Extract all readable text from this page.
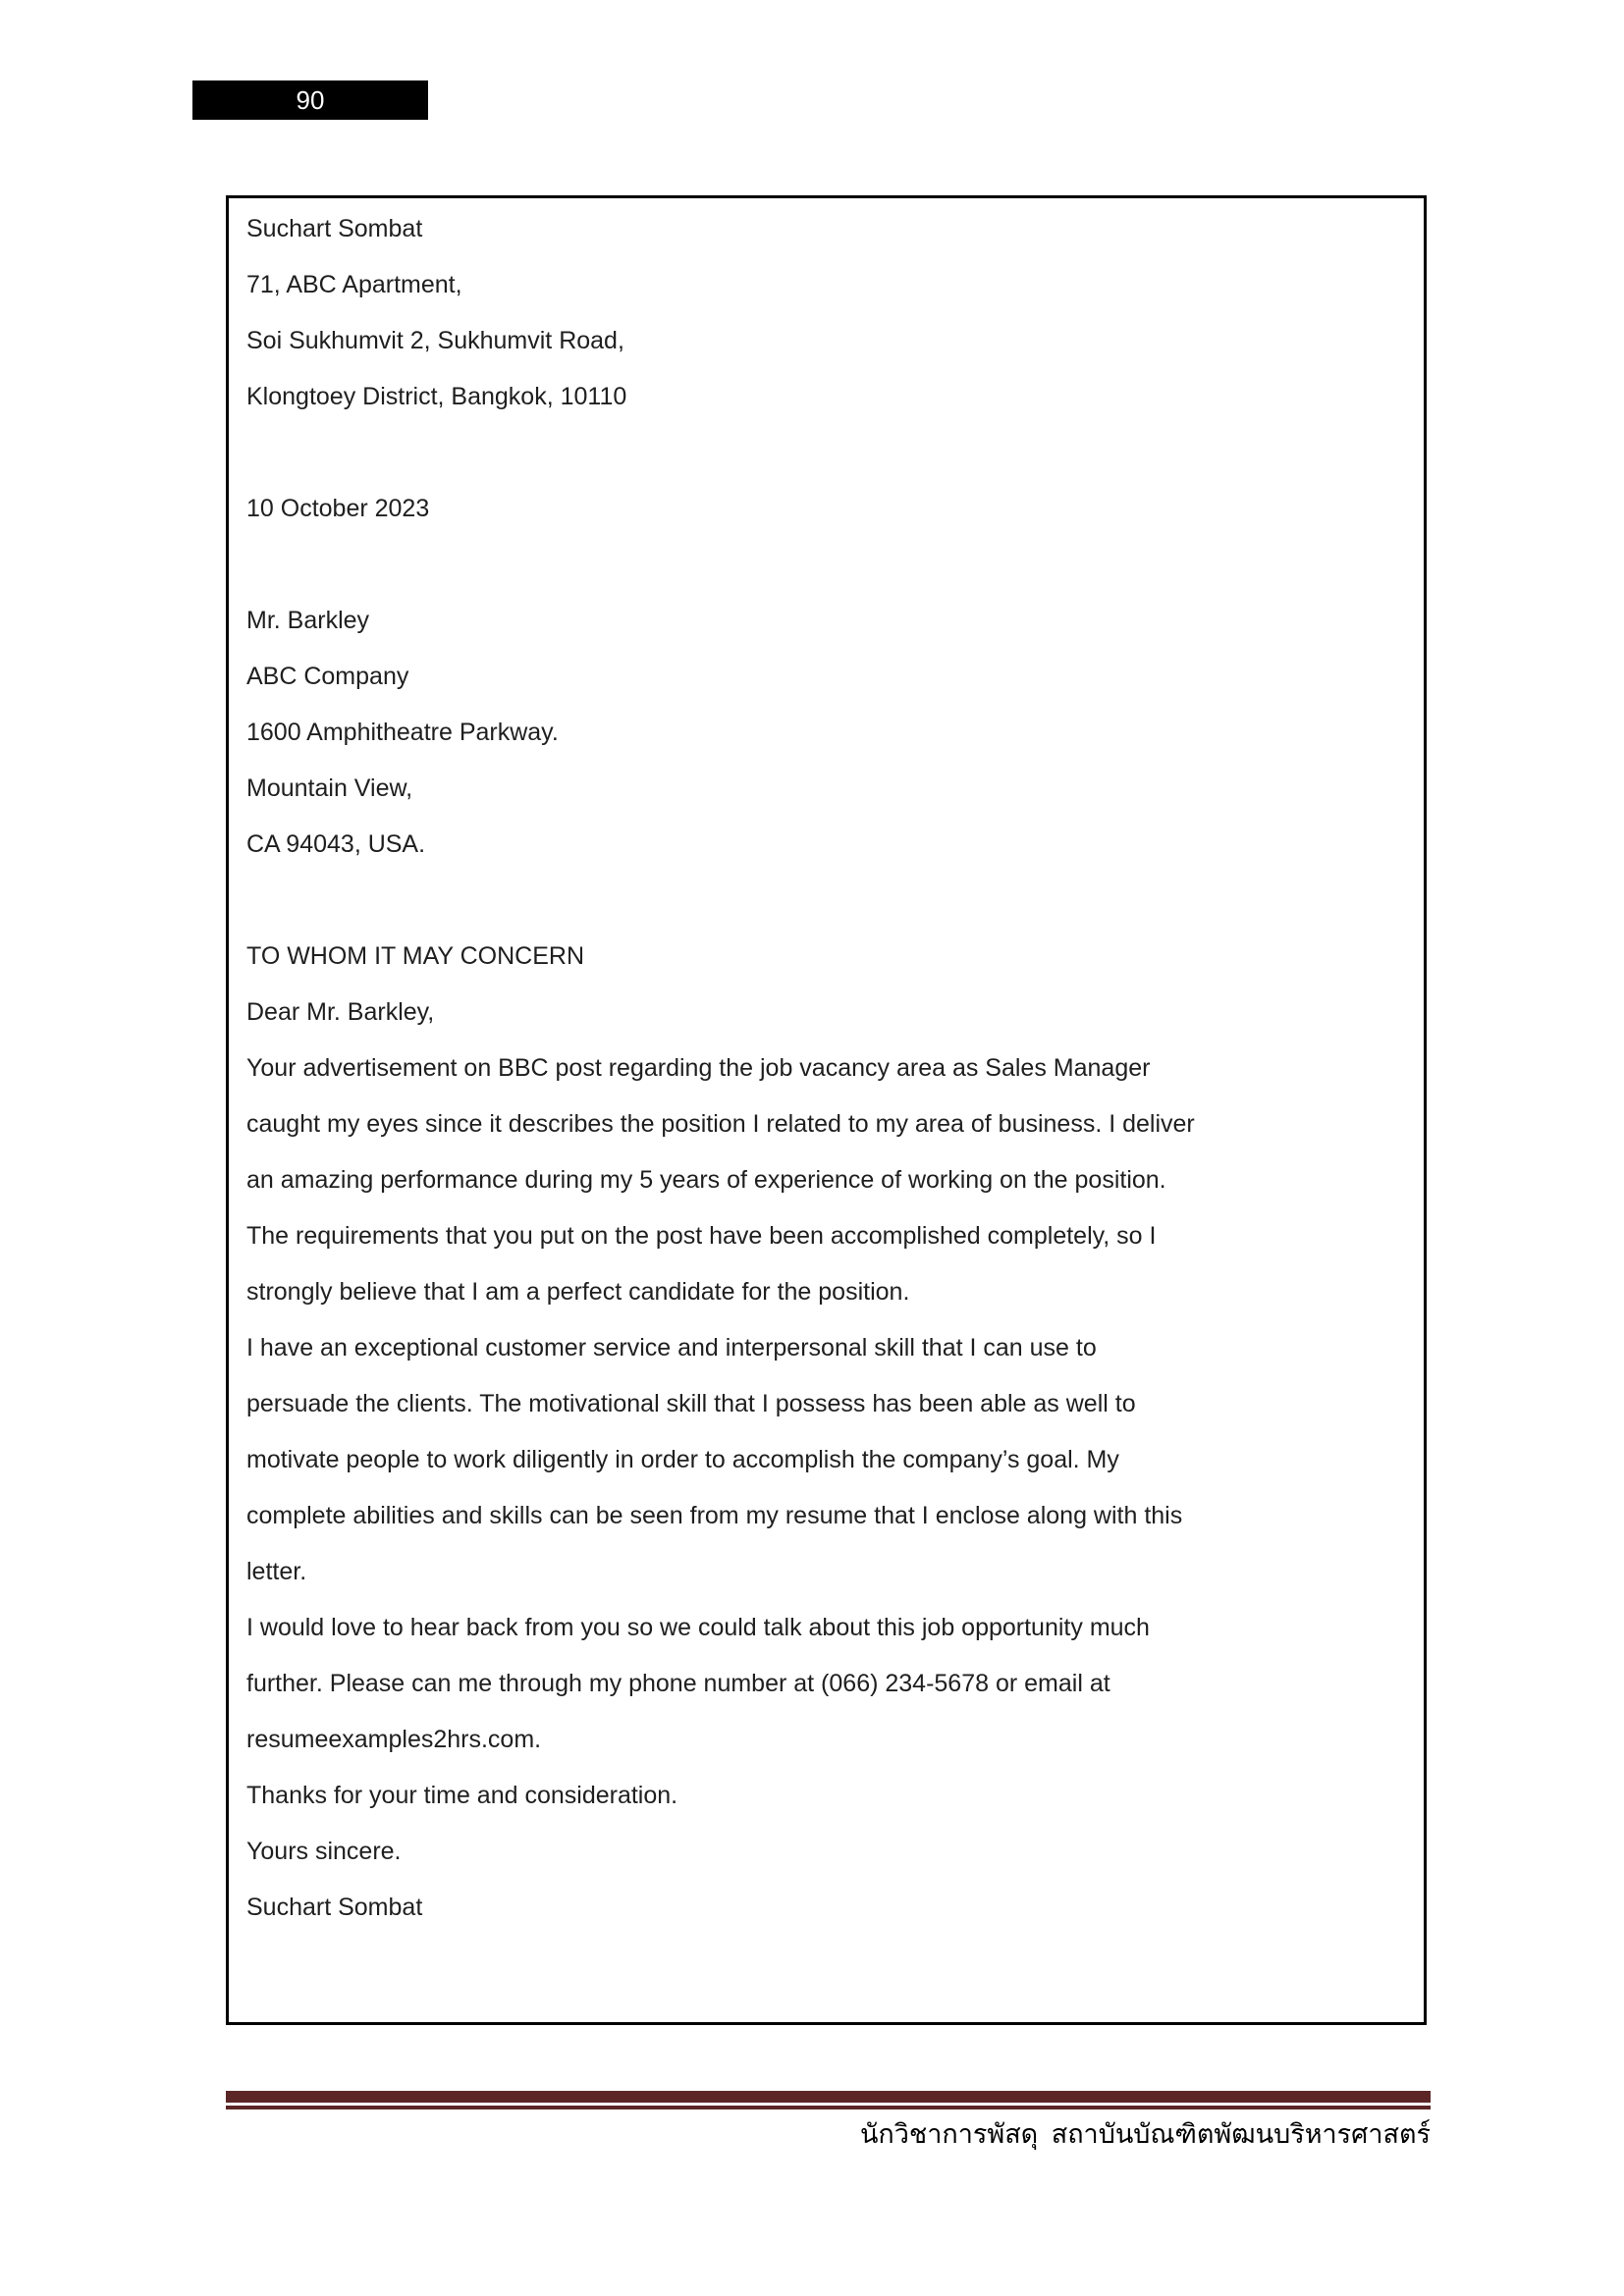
90
Suchart Sombat
71, ABC Apartment,
Soi Sukhumvit 2, Sukhumvit Road,
Klongtoey District, Bangkok, 10110
10 October 2023
Mr. Barkley
ABC Company
1600 Amphitheatre Parkway.
Mountain View,
CA 94043, USA.
TO WHOM IT MAY CONCERN
Dear Mr. Barkley,
Your advertisement on BBC post regarding the job vacancy area as Sales Manager
caught my eyes since it describes the position I related to my area of business. I deliver
an amazing performance during my 5 years of experience of working on the position.
The requirements that you put on the post have been accomplished completely, so I
strongly believe that I am a perfect candidate for the position.
I have an exceptional customer service and interpersonal skill that I can use to
persuade the clients. The motivational skill that I possess has been able as well to
motivate people to work diligently in order to accomplish the company’s goal. My
complete abilities and skills can be seen from my resume that I enclose along with this
letter.
I would love to hear back from you so we could talk about this job opportunity much
further. Please can me through my phone number at (066) 234-5678 or email at
resumeexamples2hrs.com.
Thanks for your time and consideration.
Yours sincere.
Suchart Sombat
นักวิชาการพัสดุ  สถาบันบัณฑิตพัฒนบริหารศาสตร์
